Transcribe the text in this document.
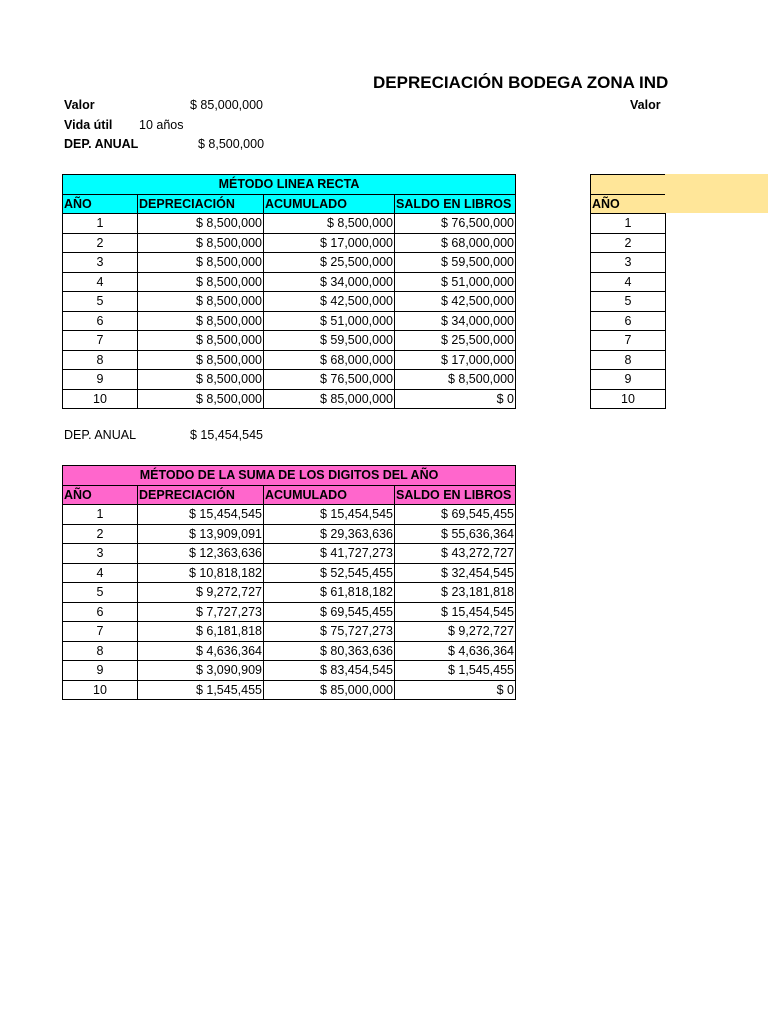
DEPRECIACIÓN BODEGA ZONA IND
Valor	$ 85,000,000	Valor
Vida útil 10 años
DEP. ANUAL	$ 8,500,000
MÉTODO LINEA RECTA			
AÑO	DEPRECIACIÓN	ACUMULADO	SALDO EN LIBROS
1	$ 8,500,000	$ 8,500,000	$ 76,500,000
2	$ 8,500,000	$ 17,000,000	$ 68,000,000
3	$ 8,500,000	$ 25,500,000	$ 59,500,000
4	$ 8,500,000	$ 34,000,000	$ 51,000,000
5	$ 8,500,000	$ 42,500,000	$ 42,500,000
6	$ 8,500,000	$ 51,000,000	$ 34,000,000
7	$ 8,500,000	$ 59,500,000	$ 25,500,000
8	$ 8,500,000	$ 68,000,000	$ 17,000,000
9	$ 8,500,000	$ 76,500,000	$ 8,500,000
10	$ 8,500,000	$ 85,000,000	$ 0

AÑO
1
2
3
4
5
6
7
8
9
10
DEP. ANUAL	$ 15,454,545
MÉTODO DE LA SUMA DE LOS DIGITOS DEL AÑO			
AÑO	DEPRECIACIÓN	ACUMULADO	SALDO EN LIBROS
1	$ 15,454,545	$ 15,454,545	$ 69,545,455
2	$ 13,909,091	$ 29,363,636	$ 55,636,364
3	$ 12,363,636	$ 41,727,273	$ 43,272,727
4	$ 10,818,182	$ 52,545,455	$ 32,454,545
5	$ 9,272,727	$ 61,818,182	$ 23,181,818
6	$ 7,727,273	$ 69,545,455	$ 15,454,545
7	$ 6,181,818	$ 75,727,273	$ 9,272,727
8	$ 4,636,364	$ 80,363,636	$ 4,636,364
9	$ 3,090,909	$ 83,454,545	$ 1,545,455
10	$ 1,545,455	$ 85,000,000	$ 0
